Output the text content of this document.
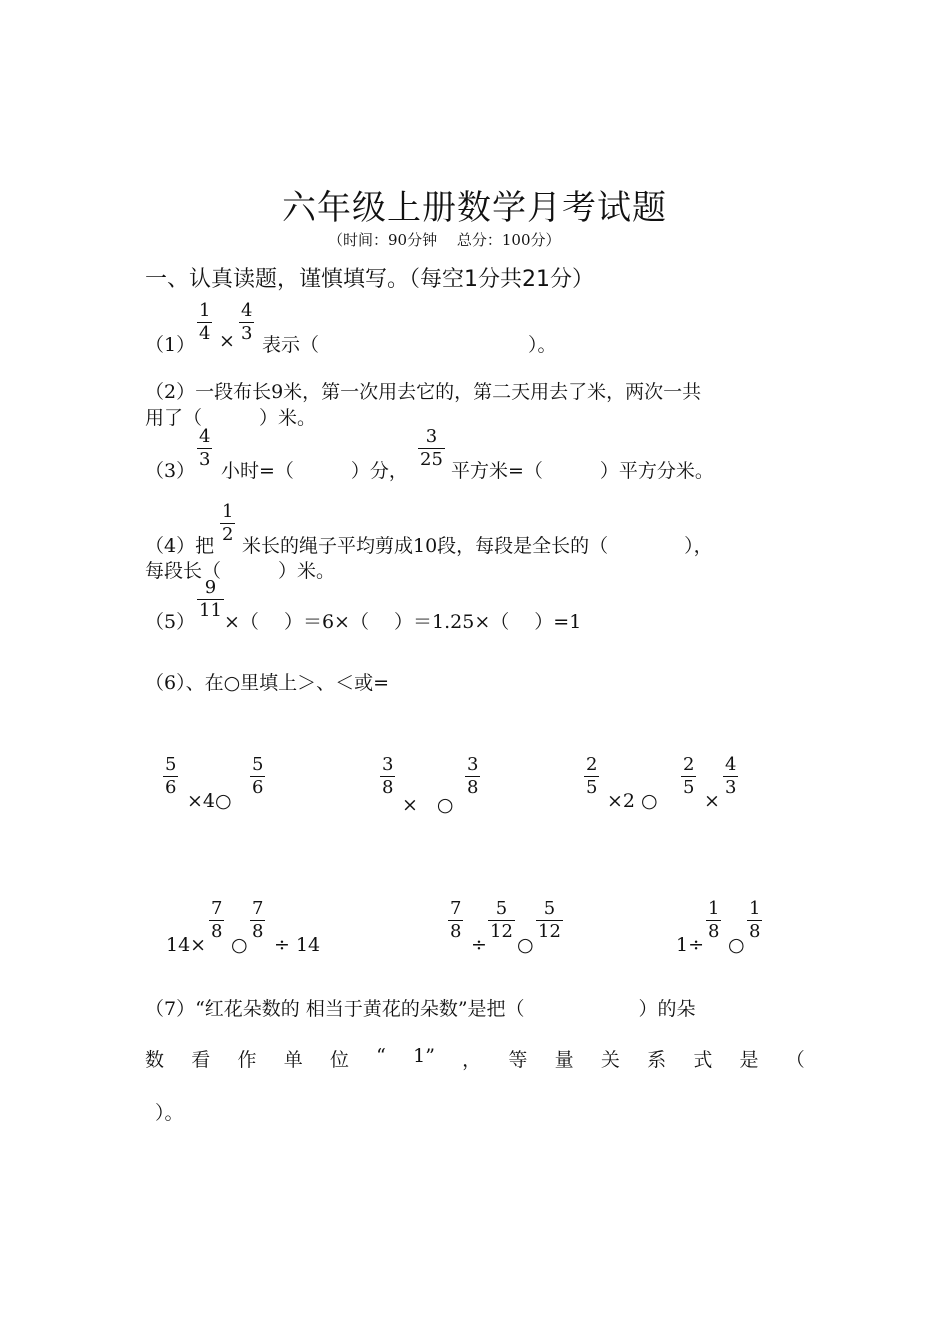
六年级上册数学月考试题
（时间：90分钟　 总分：100分）
一、认真读题，谨慎填写。（每空1分共21分）
$(1) \frac{1}{4} \times \frac{4}{3}$ 表示（　　　　　　　　　　　）。
（2）一段布长9米，第一次用去它的，第二天用去了米，两次一共
用了（　　　）米。
$(3) \frac{4}{3}$ 小时=（　　　）分， $\frac{3}{25}$ 平方米=（　　　）平方分米。
（4）把 $\frac{1}{2}$ 米长的绳子平均剪成10段，每段是全长的（　　　　），
每段长（　　　）米。
$(5) \frac{9}{11}$ ×（　 ）＝6×（　 ）＝1.25×（　 ）=1
（6）、在○里填上＞、＜或=
$\frac{5}{6}$
×4○
$\frac{5}{6}$	$\frac{3}{8}$
×　○
$\frac{3}{8}$	$\frac{2}{5}$
×2 ○
$\frac{2}{5}$
×
$\frac{4}{3}$
14×
$\frac{7}{8}$
○
$\frac{7}{8}$
÷ 14
$\frac{7}{8}$
÷
$\frac{5}{12}$
○
$\frac{5}{12}$
1÷
$\frac{1}{8}$
○
$\frac{1}{8}$
（7）“红花朵数的 相当于黄花的朵数”是把（　　　　　　）的朵
数 看 作 单 位 “ 1” ， 等 量 关 系 式 是 （
）。
